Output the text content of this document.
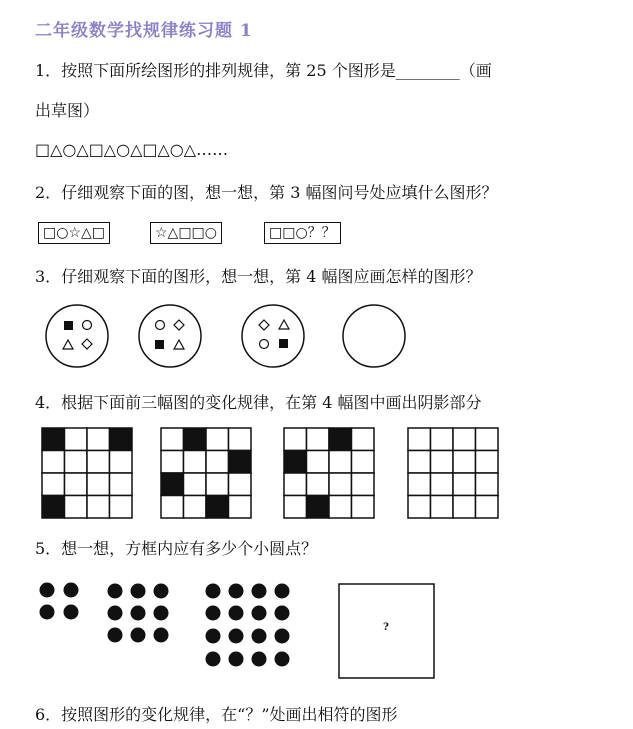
二年级数学找规律练习题 1
1．按照下面所绘图形的排列规律，第 25 个图形是________（画
出草图）
□△○△□△○△□△○△……
2．仔细观察下面的图，想一想，第 3 幅图问号处应填什么图形？
□○☆△□	☆△□□○	□□○？？
3．仔细观察下面的图形，想一想，第 4 幅图应画怎样的图形？
4．根据下面前三幅图的变化规律，在第 4 幅图中画出阴影部分
5．想一想，方框内应有多少个小圆点？
?
6．按照图形的变化规律，在“？”处画出相符的图形
